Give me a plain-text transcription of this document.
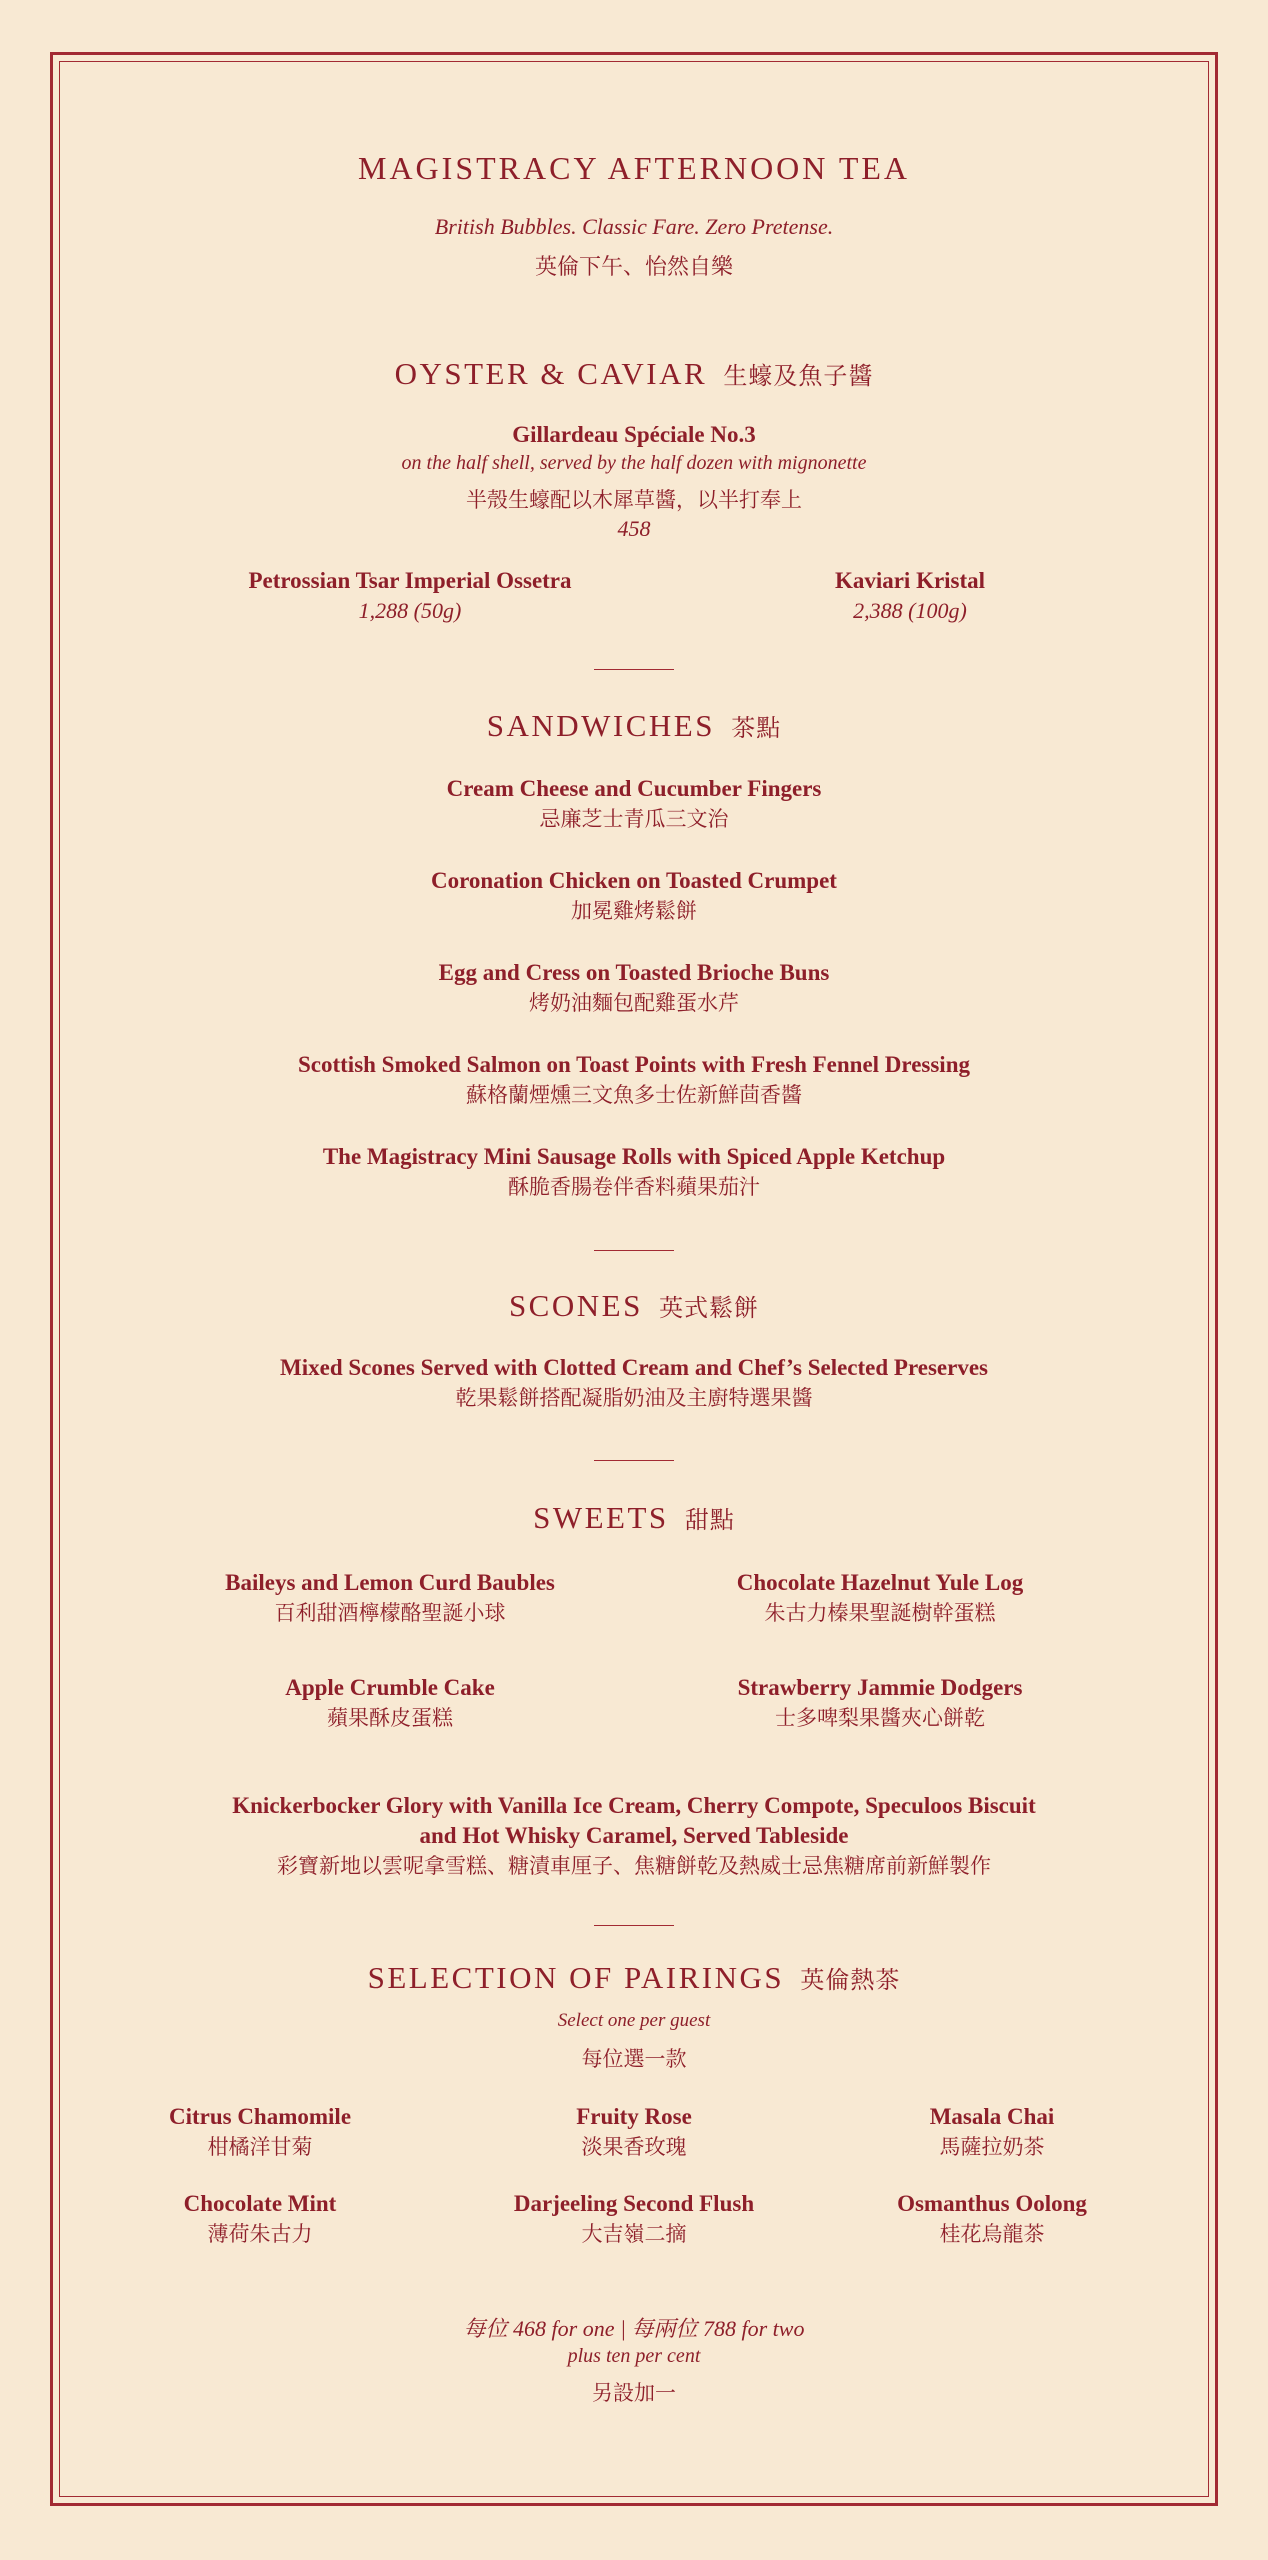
MAGISTRACY AFTERNOON TEA
British Bubbles. Classic Fare. Zero Pretense.
英倫下午、怡然自樂
OYSTER & CAVIAR 生蠔及魚子醬
Gillardeau Spéciale No.3
on the half shell, served by the half dozen with mignonette
半殼生蠔配以木犀草醬，以半打奉上
458
Petrossian Tsar Imperial Ossetra
1,288 (50g)
Kaviari Kristal
2,388 (100g)
SANDWICHES 茶點
Cream Cheese and Cucumber Fingers
忌廉芝士青瓜三文治
Coronation Chicken on Toasted Crumpet
加冕雞烤鬆餅
Egg and Cress on Toasted Brioche Buns
烤奶油麵包配雞蛋水芹
Scottish Smoked Salmon on Toast Points with Fresh Fennel Dressing
蘇格蘭煙燻三文魚多士佐新鮮茴香醬
The Magistracy Mini Sausage Rolls with Spiced Apple Ketchup
酥脆香腸卷伴香料蘋果茄汁
SCONES 英式鬆餅
Mixed Scones Served with Clotted Cream and Chef’s Selected Preserves
乾果鬆餅搭配凝脂奶油及主廚特選果醬
SWEETS 甜點
Baileys and Lemon Curd Baubles
百利甜酒檸檬酪聖誕小球
Chocolate Hazelnut Yule Log
朱古力榛果聖誕樹幹蛋糕
Apple Crumble Cake
蘋果酥皮蛋糕
Strawberry Jammie Dodgers
士多啤梨果醬夾心餅乾
Knickerbocker Glory with Vanilla Ice Cream, Cherry Compote, Speculoos Biscuit
and Hot Whisky Caramel, Served Tableside
彩寶新地以雲呢拿雪糕、糖漬車厘子、焦糖餅乾及熱威士忌焦糖席前新鮮製作
SELECTION OF PAIRINGS 英倫熱茶
Select one per guest
每位選一款
Citrus Chamomile
柑橘洋甘菊
Fruity Rose
淡果香玫瑰
Masala Chai
馬薩拉奶茶
Chocolate Mint
薄荷朱古力
Darjeeling Second Flush
大吉嶺二摘
Osmanthus Oolong
桂花烏龍茶
每位 468 for one | 每兩位 788 for two
plus ten per cent
另設加一
